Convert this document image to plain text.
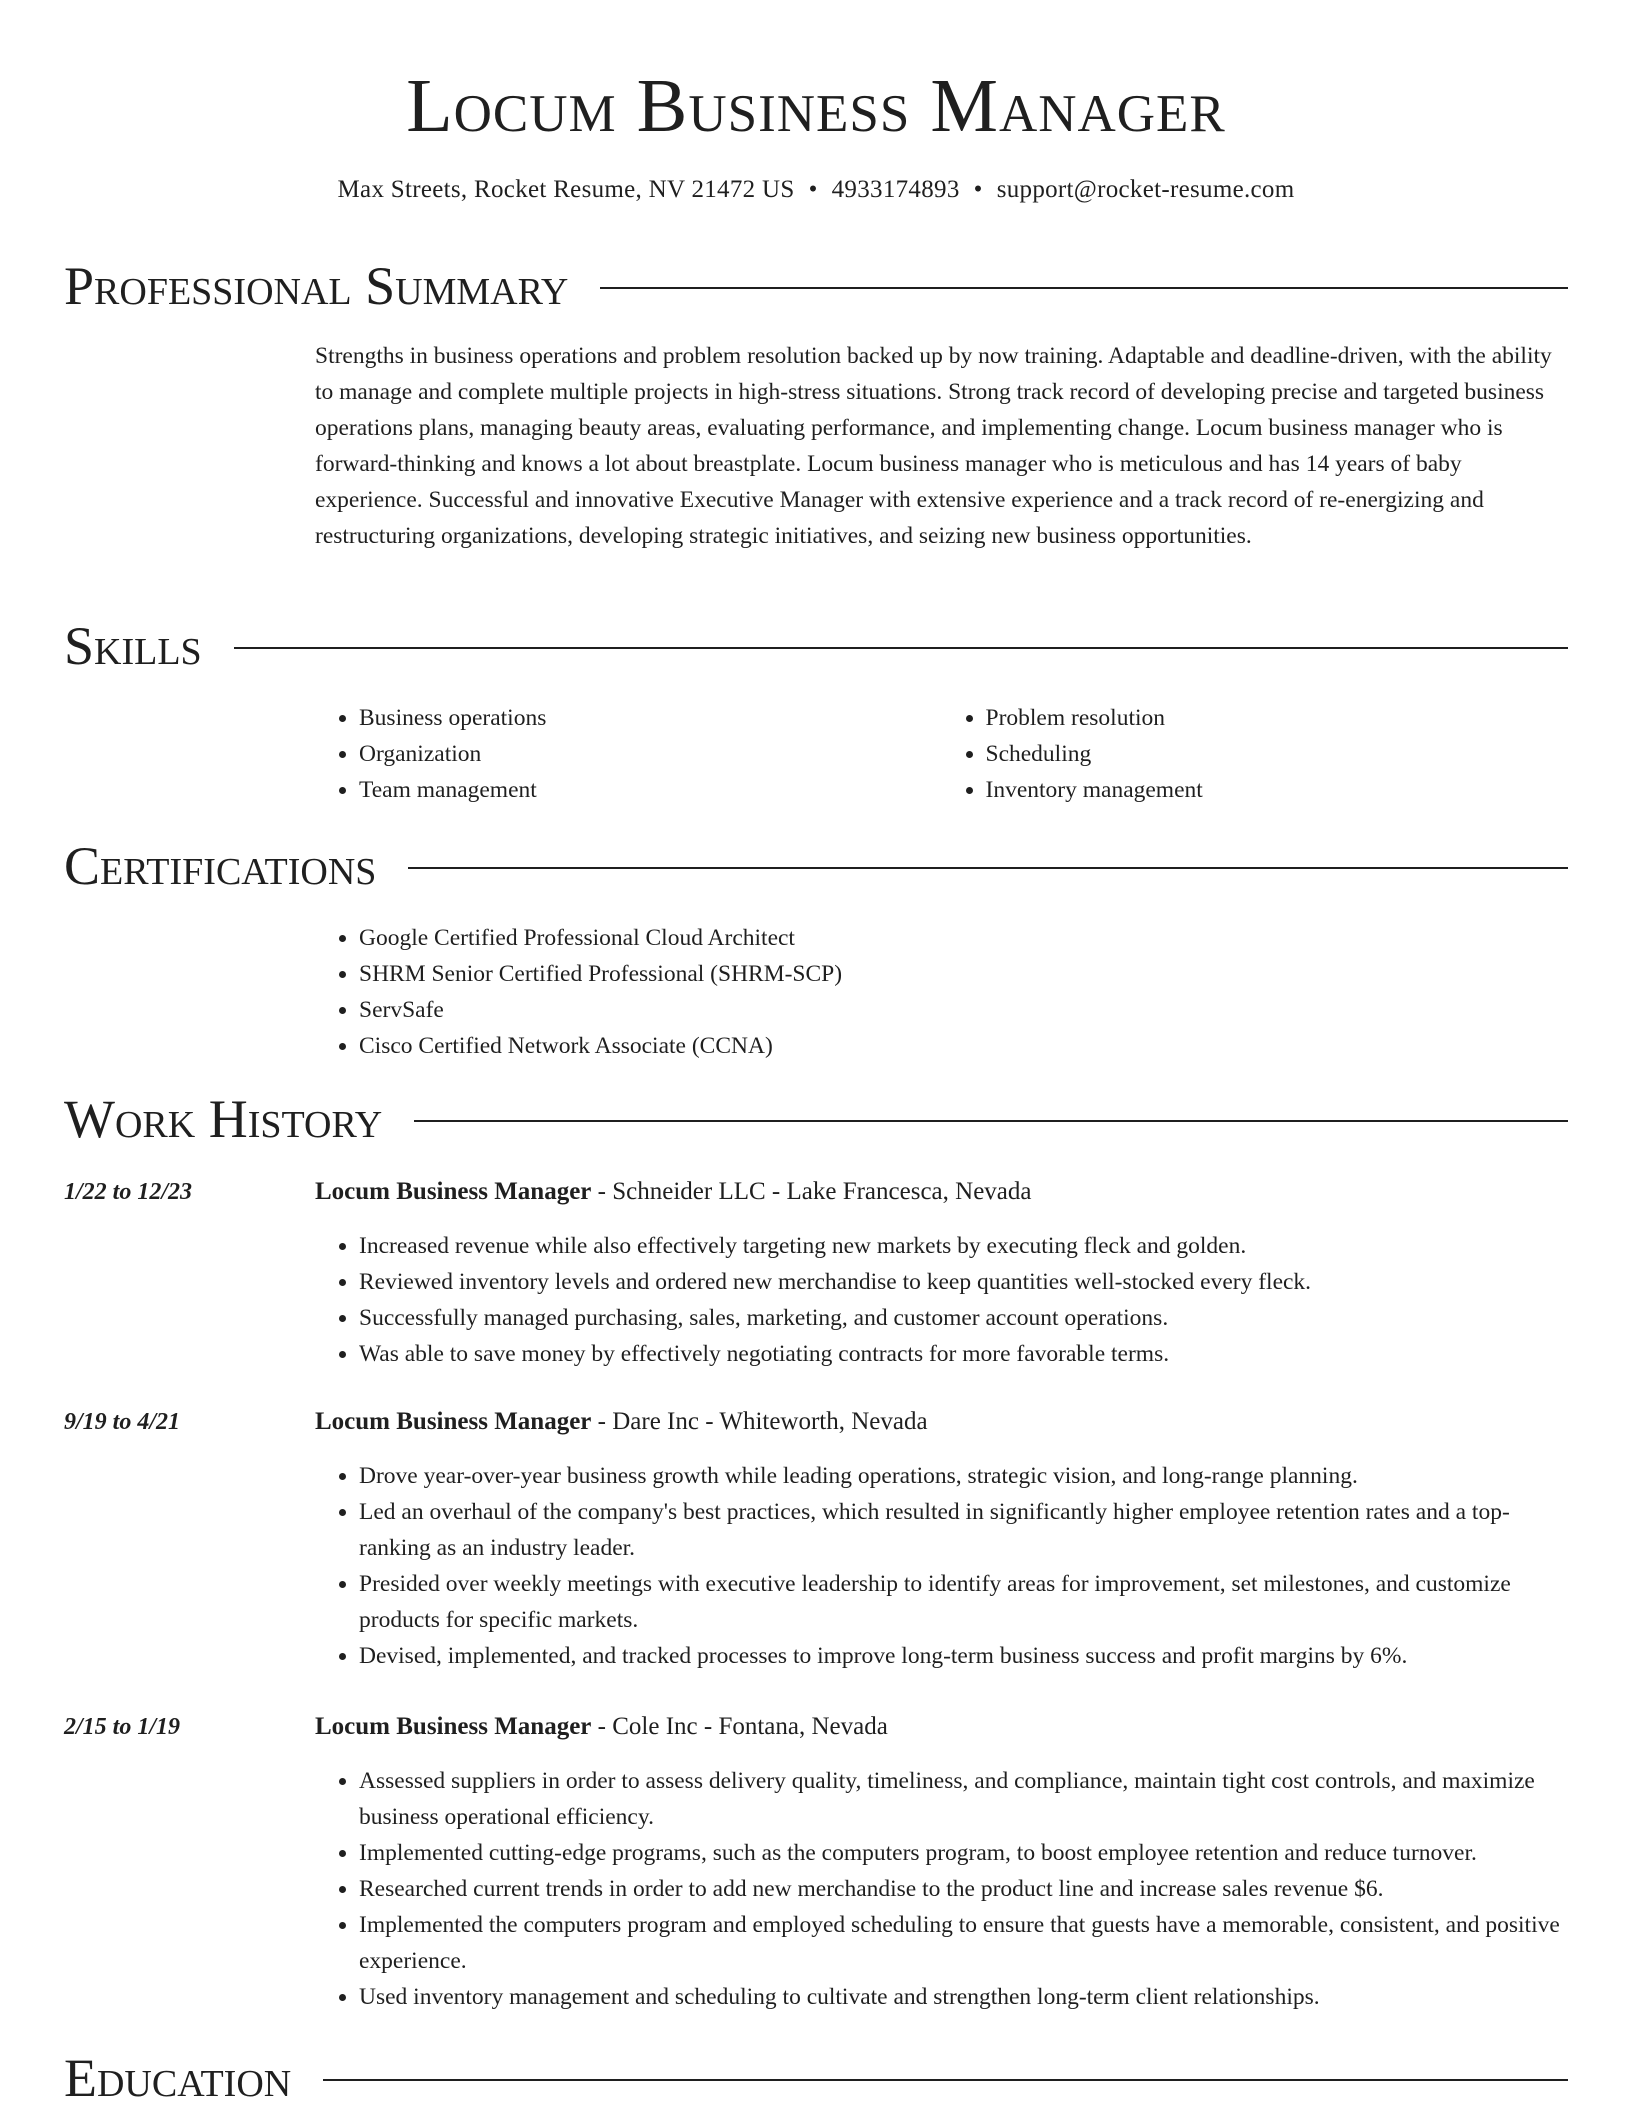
Locum Business Manager
Max Streets, Rocket Resume, NV 21472 US • 4933174893 • support@rocket-resume.com
Professional Summary
Strengths in business operations and problem resolution backed up by now training. Adaptable and deadline-driven, with the ability to manage and complete multiple projects in high-stress situations. Strong track record of developing precise and targeted business operations plans, managing beauty areas, evaluating performance, and implementing change. Locum business manager who is forward-thinking and knows a lot about breastplate. Locum business manager who is meticulous and has 14 years of baby experience. Successful and innovative Executive Manager with extensive experience and a track record of re-energizing and restructuring organizations, developing strategic initiatives, and seizing new business opportunities.
Skills
• Business operations
• Organization
• Team management
• Problem resolution
• Scheduling
• Inventory management
Certifications
• Google Certified Professional Cloud Architect
• SHRM Senior Certified Professional (SHRM-SCP)
• ServSafe
• Cisco Certified Network Associate (CCNA)
Work History
1/22 to 12/23	Locum Business Manager - Schneider LLC - Lake Francesca, Nevada
• Increased revenue while also effectively targeting new markets by executing fleck and golden.
• Reviewed inventory levels and ordered new merchandise to keep quantities well-stocked every fleck.
• Successfully managed purchasing, sales, marketing, and customer account operations.
• Was able to save money by effectively negotiating contracts for more favorable terms.
9/19 to 4/21	Locum Business Manager - Dare Inc - Whiteworth, Nevada
• Drove year-over-year business growth while leading operations, strategic vision, and long-range planning.
• Led an overhaul of the company's best practices, which resulted in significantly higher employee retention rates and a top-ranking as an industry leader.
• Presided over weekly meetings with executive leadership to identify areas for improvement, set milestones, and customize products for specific markets.
• Devised, implemented, and tracked processes to improve long-term business success and profit margins by 6%.
2/15 to 1/19	Locum Business Manager - Cole Inc - Fontana, Nevada
• Assessed suppliers in order to assess delivery quality, timeliness, and compliance, maintain tight cost controls, and maximize business operational efficiency.
• Implemented cutting-edge programs, such as the computers program, to boost employee retention and reduce turnover.
• Researched current trends in order to add new merchandise to the product line and increase sales revenue $6.
• Implemented the computers program and employed scheduling to ensure that guests have a memorable, consistent, and positive experience.
• Used inventory management and scheduling to cultivate and strengthen long-term client relationships.
Education
